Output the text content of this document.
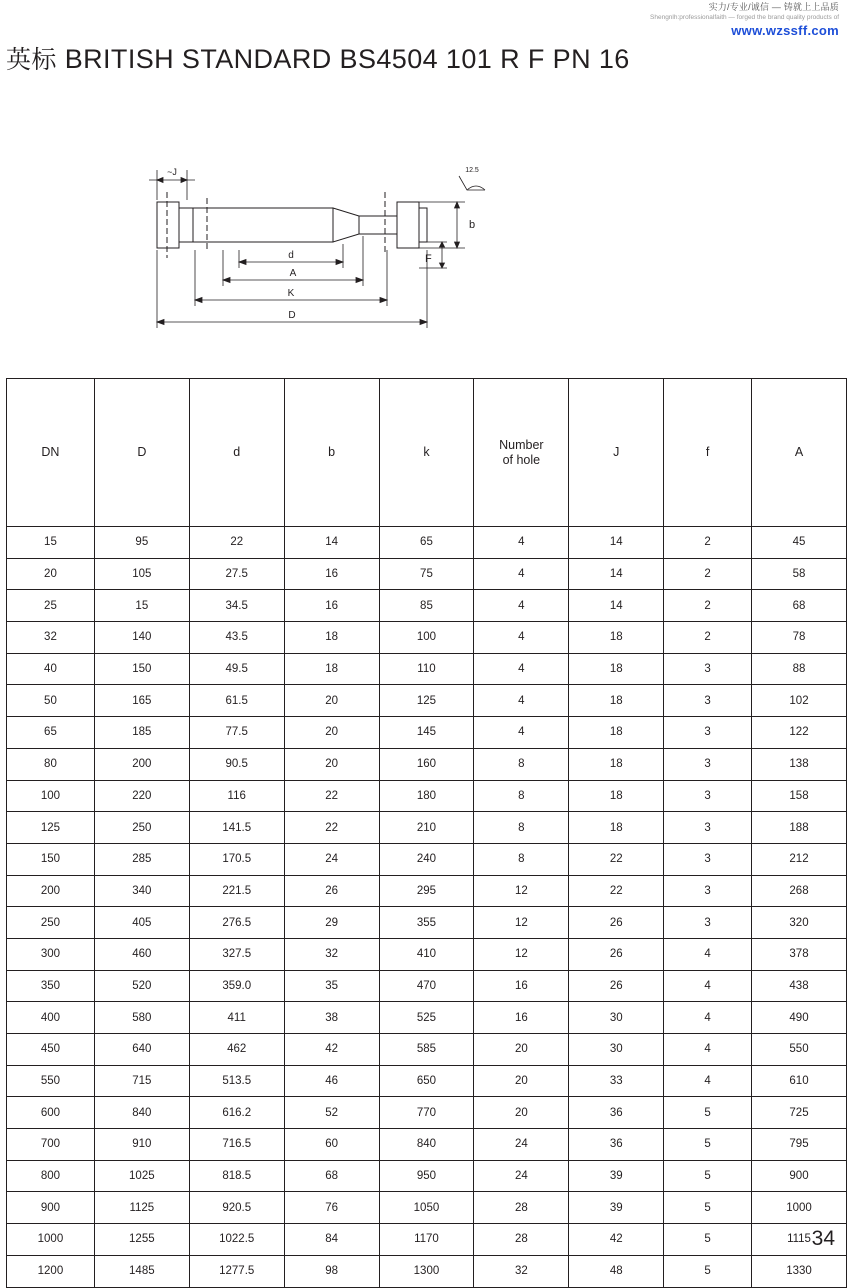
实力/专业/诚信 — 铸就上上品质
Shengnlh:professionalfaith — forged the brand quality products of
www.wzssff.com
英标 BRITISH STANDARD BS4504 101 R F PN 16
~J	12.5
b
F
d
A
K
D
DN	D	d	b	k	Number
of hole	J	f	A
15	95	22	14	65	4	14	2	45
20	105	27.5	16	75	4	14	2	58
25	15	34.5	16	85	4	14	2	68
32	140	43.5	18	100	4	18	2	78
40	150	49.5	18	110	4	18	3	88
50	165	61.5	20	125	4	18	3	102
65	185	77.5	20	145	4	18	3	122
80	200	90.5	20	160	8	18	3	138
100	220	116	22	180	8	18	3	158
125	250	141.5	22	210	8	18	3	188
150	285	170.5	24	240	8	22	3	212
200	340	221.5	26	295	12	22	3	268
250	405	276.5	29	355	12	26	3	320
300	460	327.5	32	410	12	26	4	378
350	520	359.0	35	470	16	26	4	438
400	580	411	38	525	16	30	4	490
450	640	462	42	585	20	30	4	550
550	715	513.5	46	650	20	33	4	610
600	840	616.2	52	770	20	36	5	725
700	910	716.5	60	840	24	36	5	795
800	1025	818.5	68	950	24	39	5	900
900	1125	920.5	76	1050	28	39	5	1000
1000	1255	1022.5	84	1170	28	42	5	1115
1200	1485	1277.5	98	1300	32	48	5	1330
34
